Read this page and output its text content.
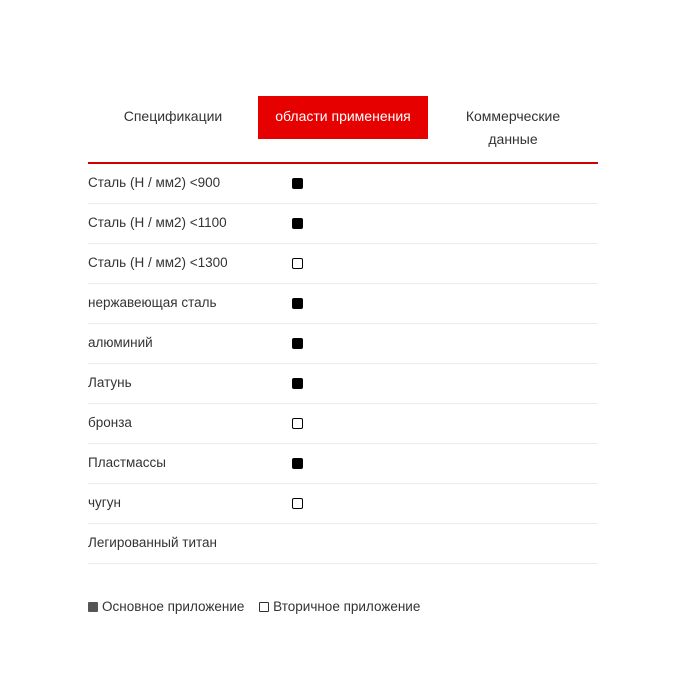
Спецификации	области применения	Коммерческие данные
Сталь (Н / мм2) <900
Сталь (Н / мм2) <1100
Сталь (Н / мм2) <1300
нержавеющая сталь
алюминий
Латунь
бронза
Пластмассы
чугун
Легированный титан
Основное приложение Вторичное приложение
